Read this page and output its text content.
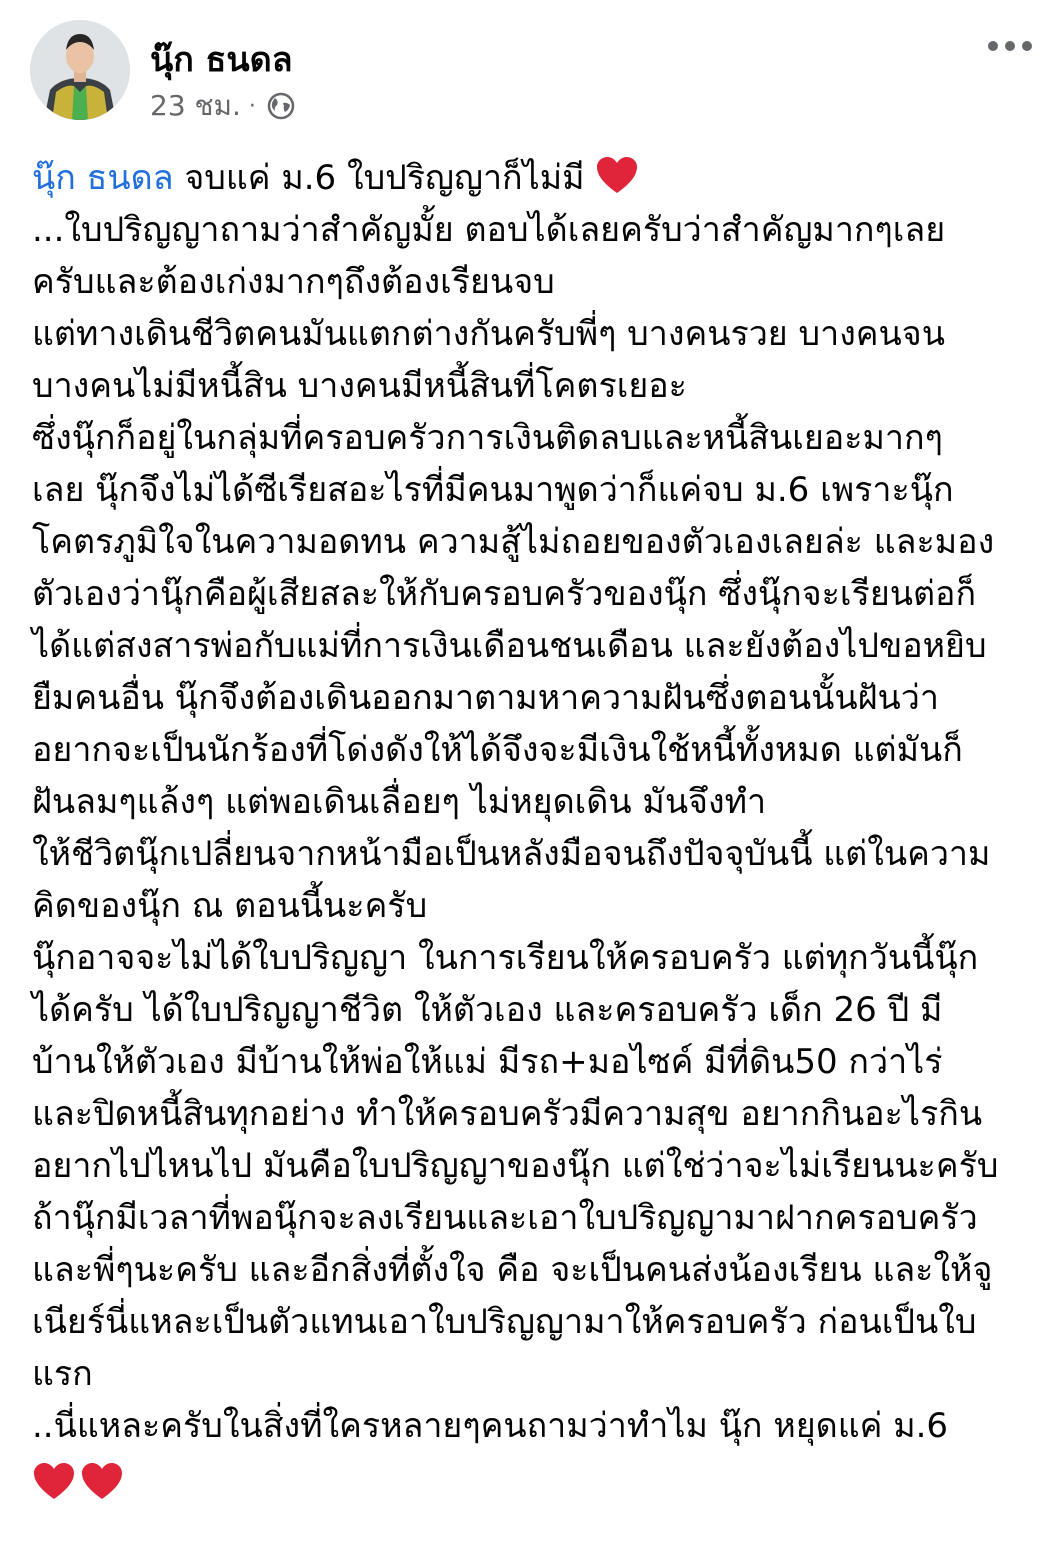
นุ๊ก ธนดล
23 ชม. ·
นุ๊ก ธนดล จบแค่ ม.6 ใบปริญญาก็ไม่มี
...ใบปริญญาถามว่าสำคัญมั้ย ตอบได้เลยครับว่าสำคัญมากๆเลย
ครับและต้องเก่งมากๆถึงต้องเรียนจบ
แต่ทางเดินชีวิตคนมันแตกต่างกันครับพี่ๆ บางคนรวย บางคนจน
บางคนไม่มีหนี้สิน บางคนมีหนี้สินที่โคตรเยอะ
ซึ่งนุ๊กก็อยู่ในกลุ่มที่ครอบครัวการเงินติดลบและหนี้สินเยอะมากๆ
เลย นุ๊กจึงไม่ได้ซีเรียสอะไรที่มีคนมาพูดว่าก็แค่จบ ม.6 เพราะนุ๊ก
โคตรภูมิใจในความอดทน ความสู้ไม่ถอยของตัวเองเลยล่ะ และมอง
ตัวเองว่านุ๊กคือผู้เสียสละให้กับครอบครัวของนุ๊ก ซึ่งนุ๊กจะเรียนต่อก็
ได้แต่สงสารพ่อกับแม่ที่การเงินเดือนชนเดือน และยังต้องไปขอหยิบ
ยืมคนอื่น นุ๊กจึงต้องเดินออกมาตามหาความฝันซึ่งตอนนั้นฝันว่า
อยากจะเป็นนักร้องที่โด่งดังให้ได้จึงจะมีเงินใช้หนี้ทั้งหมด แต่มันก็
ฝันลมๆแล้งๆ แต่พอเดินเลื่อยๆ ไม่หยุดเดิน มันจึงทำ
ให้ชีวิตนุ๊กเปลี่ยนจากหน้ามือเป็นหลังมือจนถึงปัจจุบันนี้ แต่ในความ
คิดของนุ๊ก ณ ตอนนี้นะครับ
นุ๊กอาจจะไม่ได้ใบปริญญา ในการเรียนให้ครอบครัว แต่ทุกวันนี้นุ๊ก
ได้ครับ ได้ใบปริญญาชีวิต ให้ตัวเอง และครอบครัว เด็ก 26 ปี มี
บ้านให้ตัวเอง มีบ้านให้พ่อให้แม่ มีรถ+มอไซค์ มีที่ดิน50 กว่าไร่
และปิดหนี้สินทุกอย่าง ทำให้ครอบครัวมีความสุข อยากกินอะไรกิน
อยากไปไหนไป มันคือใบปริญญาของนุ๊ก แต่ใช่ว่าจะไม่เรียนนะครับ
ถ้านุ๊กมีเวลาที่พอนุ๊กจะลงเรียนและเอาใบปริญญามาฝากครอบครัว
และพี่ๆนะครับ และอีกสิ่งที่ตั้งใจ คือ จะเป็นคนส่งน้องเรียน และให้จู
เนียร์นี่แหละเป็นตัวแทนเอาใบปริญญามาให้ครอบครัว ก่อนเป็นใบ
แรก
..นี่แหละครับในสิ่งที่ใครหลายๆคนถามว่าทำไม นุ๊ก หยุดแค่ ม.6
